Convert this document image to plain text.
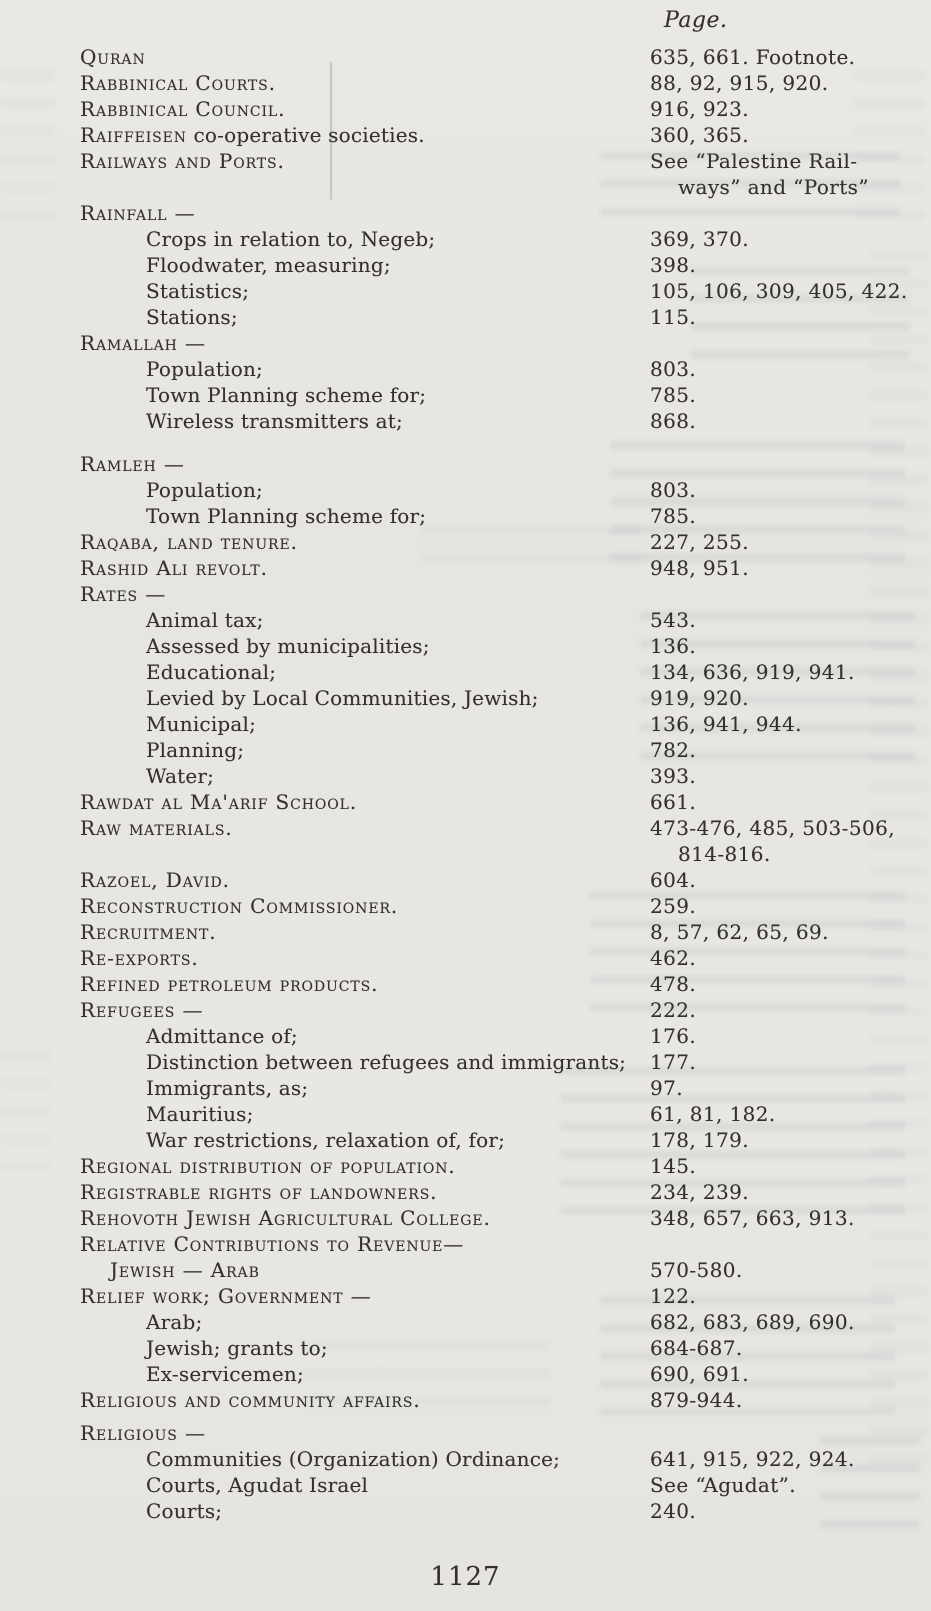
Page.
Quran	635, 661. Footnote.
Rabbinical Courts.	88, 92, 915, 920.
Rabbinical Council.	916, 923.
Raiffeisen co-operative societies.	360, 365.
Railways and Ports.	See “Palestine Rail-
ways” and “Ports”
Rainfall —
Crops in relation to, Negeb;	369, 370.
Floodwater, measuring;	398.
Statistics;	105, 106, 309, 405, 422.
Stations;	115.
Ramallah —
Population;	803.
Town Planning scheme for;	785.
Wireless transmitters at;	868.
Ramleh —
Population;	803.
Town Planning scheme for;	785.
Raqaba, land tenure.	227, 255.
Rashid Ali revolt.	948, 951.
Rates —
Animal tax;	543.
Assessed by municipalities;	136.
Educational;	134, 636, 919, 941.
Levied by Local Communities, Jewish;	919, 920.
Municipal;	136, 941, 944.
Planning;	782.
Water;	393.
Rawdat al Ma'arif School.	661.
Raw materials.	473-476, 485, 503-506,
814-816.
Razoel, David.	604.
Reconstruction Commissioner.	259.
Recruitment.	8, 57, 62, 65, 69.
Re-exports.	462.
Refined petroleum products.	478.
Refugees —	222.
Admittance of;	176.
Distinction between refugees and immigrants;	177.
Immigrants, as;	97.
Mauritius;	61, 81, 182.
War restrictions, relaxation of, for;	178, 179.
Regional distribution of population.	145.
Registrable rights of landowners.	234, 239.
Rehovoth Jewish Agricultural College.	348, 657, 663, 913.
Relative Contributions to Revenue—
Jewish — Arab	570-580.
Relief work; Government —	122.
Arab;	682, 683, 689, 690.
Jewish; grants to;	684-687.
Ex-servicemen;	690, 691.
Religious and community affairs.	879-944.
Religious —
Communities (Organization) Ordinance;	641, 915, 922, 924.
Courts, Agudat Israel	See “Agudat”.
Courts;	240.
1127
